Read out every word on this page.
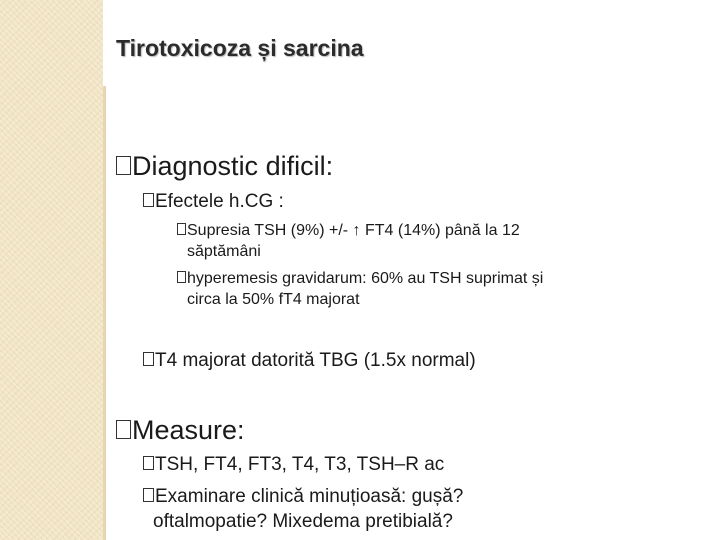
Tirotoxicoza și sarcina
Diagnostic dificil:
Efectele h.CG :
Supresia TSH (9%) +/- ↑ FT4 (14%) până la 12
săptămâni
hyperemesis gravidarum: 60% au TSH suprimat și
circa la 50% fT4 majorat
T4 majorat datorită TBG (1.5x normal)
Measure:
TSH, FT4, FT3, T4, T3, TSH–R ac
Examinare clinică minuțioasă: gușă?
oftalmopatie? Mixedema pretibială?
